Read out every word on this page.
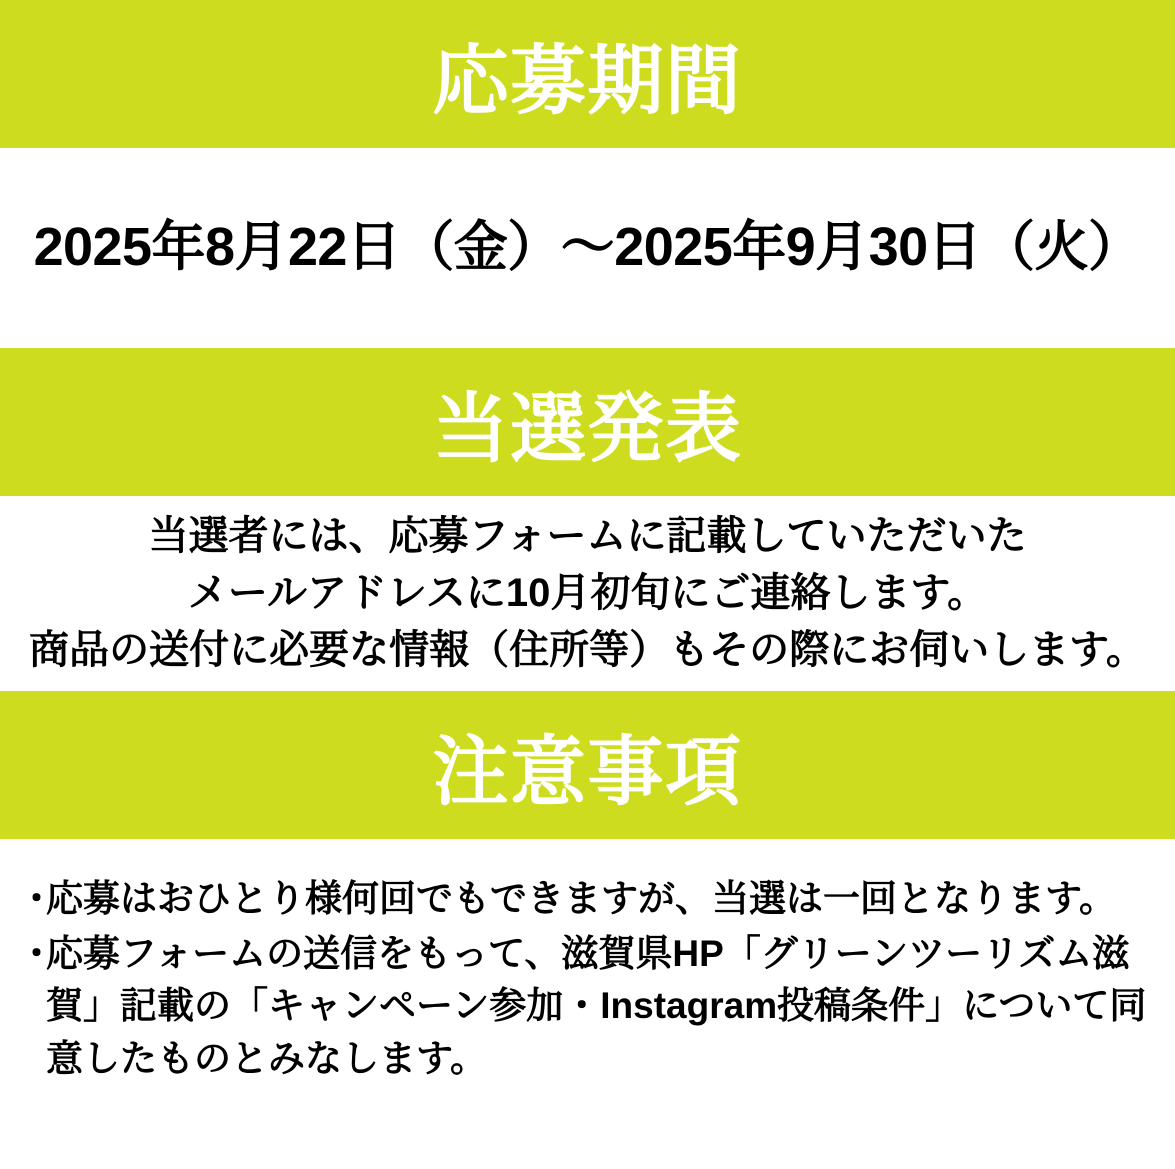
応募期間
2025年8月22日（金）〜2025年9月30日（火）
当選発表
当選者には、応募フォームに記載していただいた
メールアドレスに10月初旬にご連絡します。
商品の送付に必要な情報（住所等）もその際にお伺いします。
注意事項
・
応募はおひとり様何回でもできますが、当選は一回となります。
・
応募フォームの送信をもって、滋賀県HP「グリーンツーリズム滋賀」記載の「キャンペーン参加・Instagram投稿条件」について同意したものとみなします。
